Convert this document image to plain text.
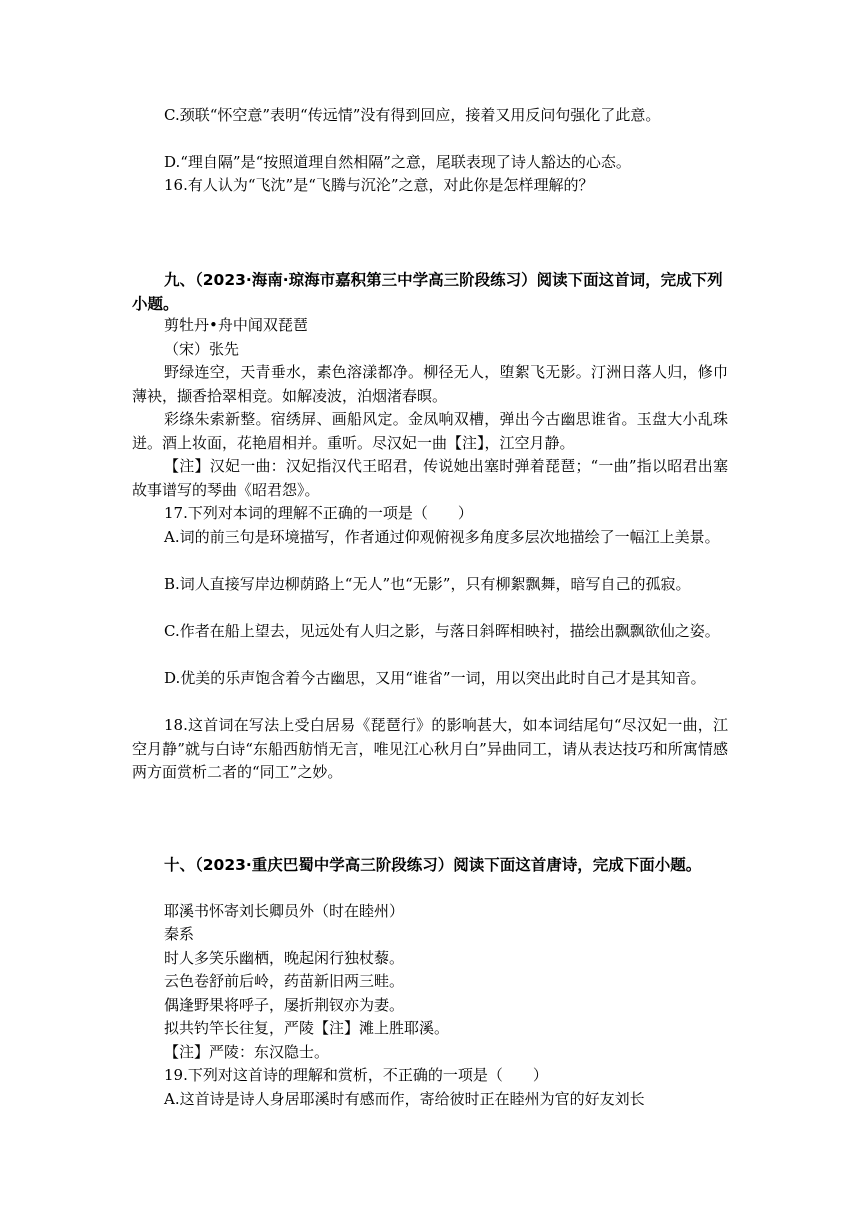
C.颈联“怀空意”表明“传远情”没有得到回应，接着又用反问句强化了此意。
D.“理自隔”是“按照道理自然相隔”之意，尾联表现了诗人豁达的心态。
16.有人认为“飞沈”是“飞腾与沉沦”之意，对此你是怎样理解的？
九、（2023·海南·琼海市嘉积第三中学高三阶段练习）阅读下面这首词，完成下列小题。
剪牡丹•舟中闻双琵琶
（宋）张先
野绿连空，天青垂水，素色溶漾都净。柳径无人，堕絮飞无影。汀洲日落人归，修巾薄袂，撷香拾翠相竞。如解凌波，泊烟渚春暝。
彩绦朱索新整。宿绣屏、画船风定。金凤响双槽，弹出今古幽思谁省。玉盘大小乱珠迸。酒上妆面，花艳眉相并。重听。尽汉妃一曲【注】，江空月静。
【注】汉妃一曲：汉妃指汉代王昭君，传说她出塞时弹着琵琶；“一曲”指以昭君出塞故事谱写的琴曲《昭君怨》。
17.下列对本词的理解不正确的一项是（　　）
A.词的前三句是环境描写，作者通过仰观俯视多角度多层次地描绘了一幅江上美景。
B.词人直接写岸边柳荫路上“无人”也“无影”，只有柳絮飘舞，暗写自己的孤寂。
C.作者在船上望去，见远处有人归之影，与落日斜晖相映衬，描绘出飘飘欲仙之姿。
D.优美的乐声饱含着今古幽思，又用“谁省”一词，用以突出此时自己才是其知音。
18.这首词在写法上受白居易《琵琶行》的影响甚大，如本词结尾句“尽汉妃一曲，江空月静”就与白诗“东船西舫悄无言，唯见江心秋月白”异曲同工，请从表达技巧和所寓情感两方面赏析二者的“同工”之妙。
十、（2023·重庆巴蜀中学高三阶段练习）阅读下面这首唐诗，完成下面小题。
耶溪书怀寄刘长卿员外（时在睦州）
秦系
时人多笑乐幽栖，晚起闲行独杖藜。
云色卷舒前后岭，药苗新旧两三畦。
偶逢野果将呼子，屡折荆钗亦为妻。
拟共钓竿长往复，严陵【注】滩上胜耶溪。
【注】严陵：东汉隐士。
19.下列对这首诗的理解和赏析，不正确的一项是（　　）
A.这首诗是诗人身居耶溪时有感而作，寄给彼时正在睦州为官的好友刘长
